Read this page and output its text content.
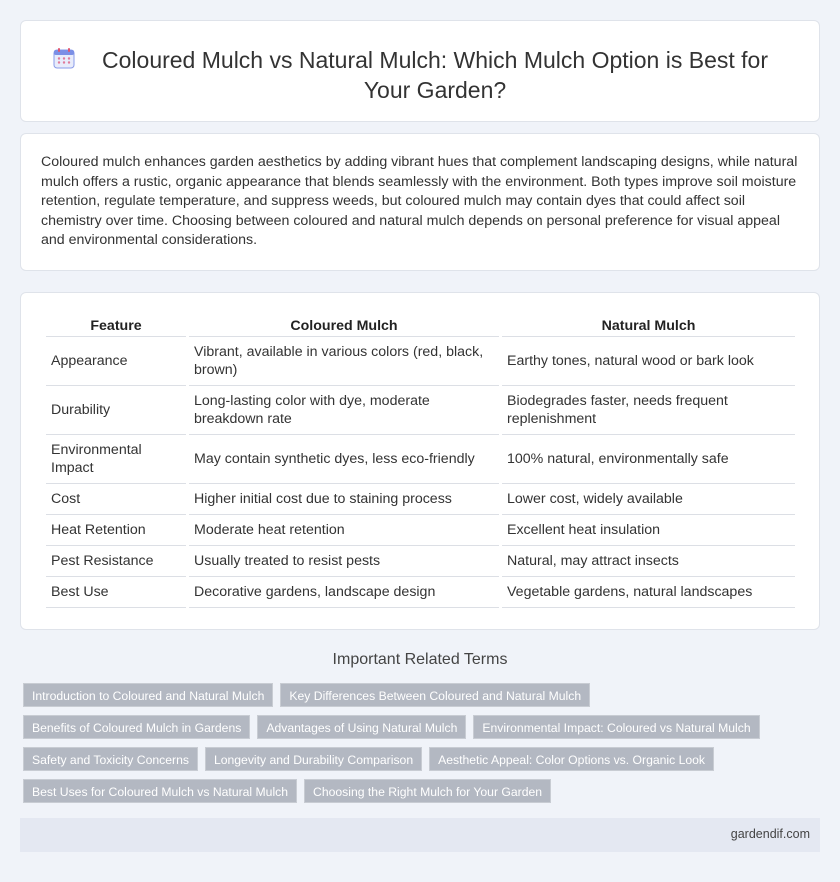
Coloured Mulch vs Natural Mulch: Which Mulch Option is Best for Your Garden?

Coloured mulch enhances garden aesthetics by adding vibrant hues that complement landscaping designs, while natural mulch offers a rustic, organic appearance that blends seamlessly with the environment. Both types improve soil moisture retention, regulate temperature, and suppress weeds, but coloured mulch may contain dyes that could affect soil chemistry over time. Choosing between coloured and natural mulch depends on personal preference for visual appeal and environmental considerations.

Feature	Coloured Mulch	Natural Mulch
Appearance	Vibrant, available in various colors (red, black, brown)	Earthy tones, natural wood or bark look
Durability	Long-lasting color with dye, moderate breakdown rate	Biodegrades faster, needs frequent replenishment
Environmental Impact	May contain synthetic dyes, less eco-friendly	100% natural, environmentally safe
Cost	Higher initial cost due to staining process	Lower cost, widely available
Heat Retention	Moderate heat retention	Excellent heat insulation
Pest Resistance	Usually treated to resist pests	Natural, may attract insects
Best Use	Decorative gardens, landscape design	Vegetable gardens, natural landscapes
Important Related Terms
Introduction to Coloured and Natural Mulch	Key Differences Between Coloured and Natural Mulch
Benefits of Coloured Mulch in Gardens	Advantages of Using Natural Mulch	Environmental Impact: Coloured vs Natural Mulch
Safety and Toxicity Concerns	Longevity and Durability Comparison	Aesthetic Appeal: Color Options vs. Organic Look
Best Uses for Coloured Mulch vs Natural Mulch	Choosing the Right Mulch for Your Garden
gardendif.com
